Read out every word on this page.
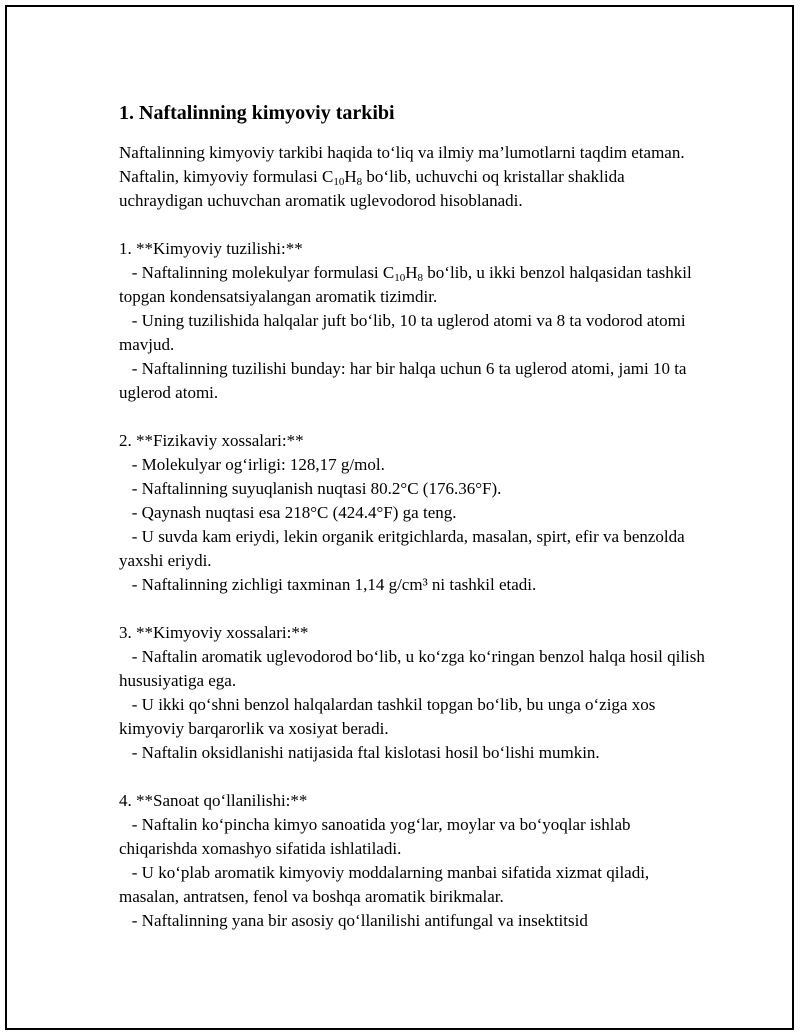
1. Naftalinning kimyoviy tarkibi

Naftalinning kimyoviy tarkibi haqida to‘liq va ilmiy ma’lumotlarni taqdim etaman. Naftalin, kimyoviy formulasi $C_{10}H_8$ bo‘lib, uchuvchi oq kristallar shaklida uchraydigan uchuvchan aromatik uglevodorod hisoblanadi.

1. **Kimyoviy tuzilishi:**

- Naftalinning molekulyar formulasi $C_{10}H_8$ bo‘lib, u ikki benzol halqasidan tashkil topgan kondensatsiyalangan aromatik tizimdir.

- Uning tuzilishida halqalar juft bo‘lib, 10 ta uglerod atomi va 8 ta vodorod atomi mavjud.

- Naftalinning tuzilishi bunday: har bir halqa uchun 6 ta uglerod atomi, jami 10 ta uglerod atomi.

2. **Fizikaviy xossalari:**

- Molekulyar og‘irligi: 128,17 g/mol.

- Naftalinning suyuqlanish nuqtasi 80.2°C (176.36°F).

- Qaynash nuqtasi esa 218°C (424.4°F) ga teng.

- U suvda kam eriydi, lekin organik eritgichlarda, masalan, spirt, efir va benzolda yaxshi eriydi.

- Naftalinning zichligi taxminan 1,14 g/cm³ ni tashkil etadi.

3. **Kimyoviy xossalari:**

- Naftalin aromatik uglevodorod bo‘lib, u ko‘zga ko‘ringan benzol halqa hosil qilish hususiyatiga ega.

- U ikki qo‘shni benzol halqalardan tashkil topgan bo‘lib, bu unga o‘ziga xos kimyoviy barqarorlik va xosiyat beradi.

- Naftalin oksidlanishi natijasida ftal kislotasi hosil bo‘lishi mumkin.

4. **Sanoat qo‘llanilishi:**

- Naftalin ko‘pincha kimyo sanoatida yog‘lar, moylar va bo‘yoqlar ishlab chiqarishda xomashyo sifatida ishlatiladi.

- U ko‘plab aromatik kimyoviy moddalarning manbai sifatida xizmat qiladi, masalan, antratsen, fenol va boshqa aromatik birikmalar.

- Naftalinning yana bir asosiy qo‘llanilishi antifungal va insektitsid
